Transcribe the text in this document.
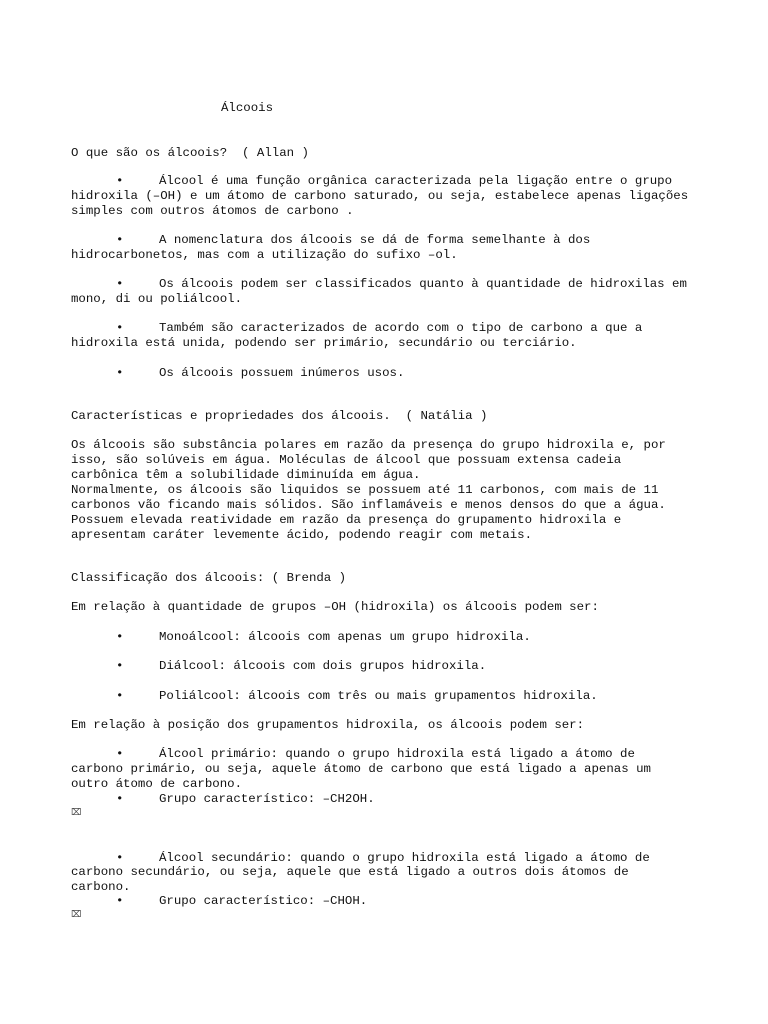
Álcoois
O que são os álcoois?  ( Allan )
•	Álcool é uma função orgânica caracterizada pela ligação entre o grupo
hidroxila (–OH) e um átomo de carbono saturado, ou seja, estabelece apenas ligações
simples com outros átomos de carbono .
•	A nomenclatura dos álcoois se dá de forma semelhante à dos
hidrocarbonetos, mas com a utilização do sufixo –ol.
•	Os álcoois podem ser classificados quanto à quantidade de hidroxilas em
mono, di ou poliálcool.
•	Também são caracterizados de acordo com o tipo de carbono a que a
hidroxila está unida, podendo ser primário, secundário ou terciário.
•	Os álcoois possuem inúmeros usos.
Características e propriedades dos álcoois.  ( Natália )
Os álcoois são substância polares em razão da presença do grupo hidroxila e, por
isso, são solúveis em água. Moléculas de álcool que possuam extensa cadeia
carbônica têm a solubilidade diminuída em água.
Normalmente, os álcoois são liquidos se possuem até 11 carbonos, com mais de 11
carbonos vão ficando mais sólidos. São inflamáveis e menos densos do que a água.
Possuem elevada reatividade em razão da presença do grupamento hidroxila e
apresentam caráter levemente ácido, podendo reagir com metais.
Classificação dos álcoois: ( Brenda )
Em relação à quantidade de grupos –OH (hidroxila) os álcoois podem ser:
•	Monoálcool: álcoois com apenas um grupo hidroxila.
•	Diálcool: álcoois com dois grupos hidroxila.
•	Poliálcool: álcoois com três ou mais grupamentos hidroxila.
Em relação à posição dos grupamentos hidroxila, os álcoois podem ser:
•	Álcool primário: quando o grupo hidroxila está ligado a átomo de
carbono primário, ou seja, aquele átomo de carbono que está ligado a apenas um
outro átomo de carbono.
•	Grupo característico: –CH2OH.
⌧
•	Álcool secundário: quando o grupo hidroxila está ligado a átomo de
carbono secundário, ou seja, aquele que está ligado a outros dois átomos de
carbono.
•	Grupo característico: –CHOH.
⌧
